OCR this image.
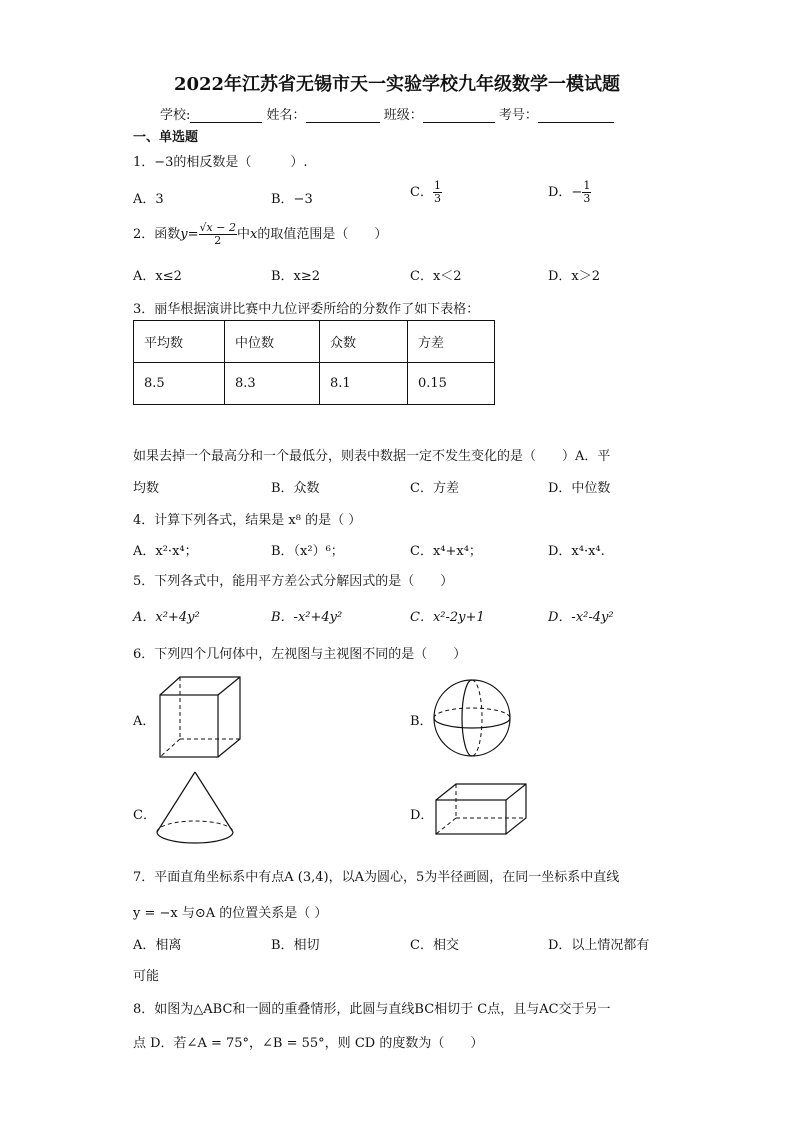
2022年江苏省无锡市天一实验学校九年级数学一模试题
学校:	姓名：	班级：	考号：
一、单选题
1．−3的相反数是（　　　）.
A．3	B．−3	C． $\frac{1}{3}$	D．− $\frac{1}{3}$
2．函数$y= \frac{√x - 2}{2}$ 中x的取值范围是（　　）
A．x≤2	B．x≥2	C．x＜2	D．x＞2
3．丽华根据演讲比赛中九位评委所给的分数作了如下表格：
平均数	中位数	众数	方差
8.5	8.3	8.1	0.15
如果去掉一个最高分和一个最低分，则表中数据一定不发生变化的是（　　）A．平
均数	B．众数	C．方差	D．中位数
4．计算下列各式，结果是 x⁸ 的是（ ）
A．x²·x⁴；	B．（x²）⁶；	C．x⁴+x⁴；	D．x⁴·x⁴.
5．下列各式中，能用平方差公式分解因式的是（　　）
A．x²+4y²	B．-x²+4y²	C．x²-2y+1	D．-x²-4y²
6．下列四个几何体中，左视图与主视图不同的是（　　）
A．	B．
C．	D．
7．平面直角坐标系中有点A (3,4)，以A为圆心，5为半径画圆，在同一坐标系中直线
y = −x 与⊙A 的位置关系是（ ）
A．相离	B．相切	C．相交	D．以上情况都有
可能
8．如图为△ABC和一圆的重叠情形，此圆与直线BC相切于 C点，且与AC交于另一
点 D．若∠A = 75°，∠B = 55°，则 CD 的度数为（　　）
